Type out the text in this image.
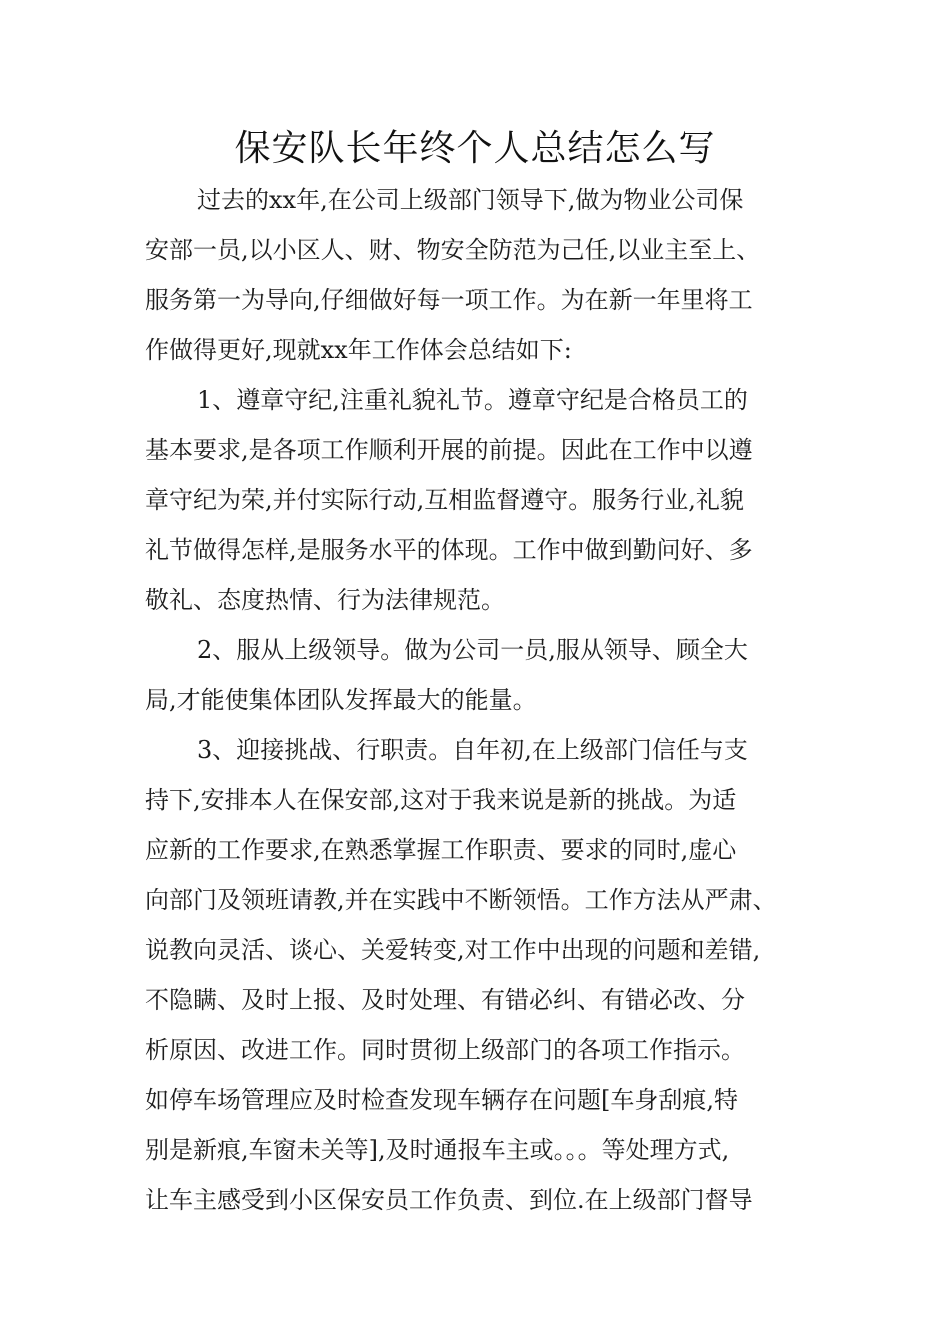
保安队长年终个人总结怎么写
过去的xx年,在公司上级部门领导下,做为物业公司保
安部一员,以小区人、财、物安全防范为己任,以业主至上、
服务第一为导向,仔细做好每一项工作。为在新一年里将工
作做得更好,现就xx年工作体会总结如下:
1、遵章守纪,注重礼貌礼节。遵章守纪是合格员工的
基本要求,是各项工作顺利开展的前提。因此在工作中以遵
章守纪为荣,并付实际行动,互相监督遵守。服务行业,礼貌
礼节做得怎样,是服务水平的体现。工作中做到勤问好、多
敬礼、态度热情、行为法律规范。
2、服从上级领导。做为公司一员,服从领导、顾全大
局,才能使集体团队发挥最大的能量。
3、迎接挑战、行职责。自年初,在上级部门信任与支
持下,安排本人在保安部,这对于我来说是新的挑战。为适
应新的工作要求,在熟悉掌握工作职责、要求的同时,虚心
向部门及领班请教,并在实践中不断领悟。工作方法从严肃、
说教向灵活、谈心、关爱转变,对工作中出现的问题和差错,
不隐瞒、及时上报、及时处理、有错必纠、有错必改、分
析原因、改进工作。同时贯彻上级部门的各项工作指示。
如停车场管理应及时检查发现车辆存在问题[车身刮痕,特
别是新痕,车窗未关等],及时通报车主或。。。等处理方式,
让车主感受到小区保安员工作负责、到位.在上级部门督导
